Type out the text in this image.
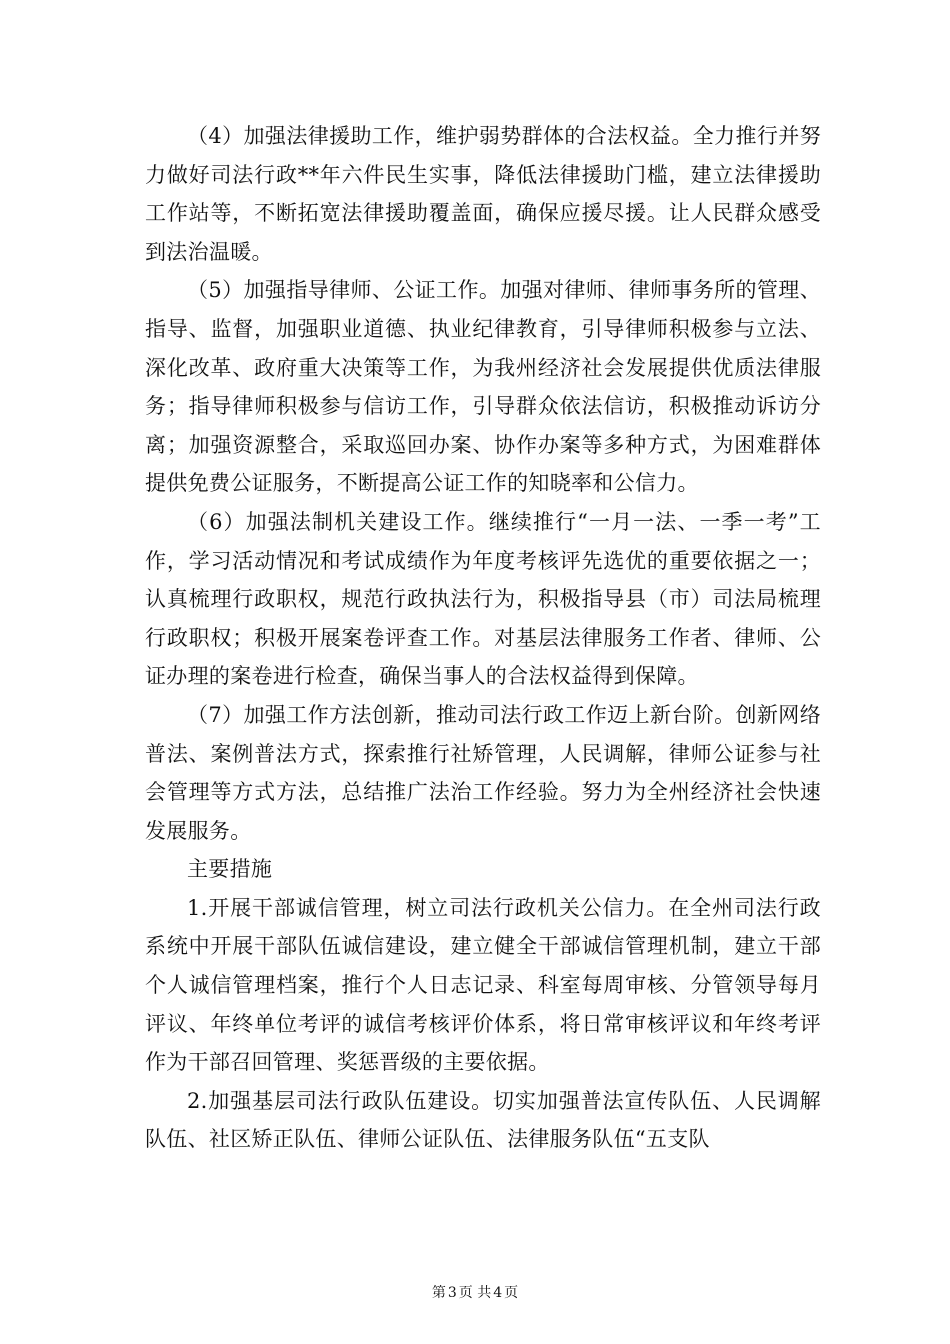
（4）加强法律援助工作，维护弱势群体的合法权益。全力推行并努力做好司法行政**年六件民生实事，降低法律援助门槛，建立法律援助工作站等，不断拓宽法律援助覆盖面，确保应援尽援。让人民群众感受到法治温暖。

（5）加强指导律师、公证工作。加强对律师、律师事务所的管理、指导、监督，加强职业道德、执业纪律教育，引导律师积极参与立法、深化改革、政府重大决策等工作，为我州经济社会发展提供优质法律服务；指导律师积极参与信访工作，引导群众依法信访，积极推动诉访分离；加强资源整合，采取巡回办案、协作办案等多种方式，为困难群体提供免费公证服务，不断提高公证工作的知晓率和公信力。

（6）加强法制机关建设工作。继续推行“一月一法、一季一考”工作，学习活动情况和考试成绩作为年度考核评先选优的重要依据之一；认真梳理行政职权，规范行政执法行为，积极指导县（市）司法局梳理行政职权；积极开展案卷评查工作。对基层法律服务工作者、律师、公证办理的案卷进行检查，确保当事人的合法权益得到保障。

（7）加强工作方法创新，推动司法行政工作迈上新台阶。创新网络普法、案例普法方式，探索推行社矫管理，人民调解，律师公证参与社会管理等方式方法，总结推广法治工作经验。努力为全州经济社会快速发展服务。

主要措施

1.开展干部诚信管理，树立司法行政机关公信力。在全州司法行政系统中开展干部队伍诚信建设，建立健全干部诚信管理机制，建立干部个人诚信管理档案，推行个人日志记录、科室每周审核、分管领导每月评议、年终单位考评的诚信考核评价体系，将日常审核评议和年终考评作为干部召回管理、奖惩晋级的主要依据。

2.加强基层司法行政队伍建设。切实加强普法宣传队伍、人民调解队伍、社区矫正队伍、律师公证队伍、法律服务队伍“五支队

第 3 页 共 4 页
